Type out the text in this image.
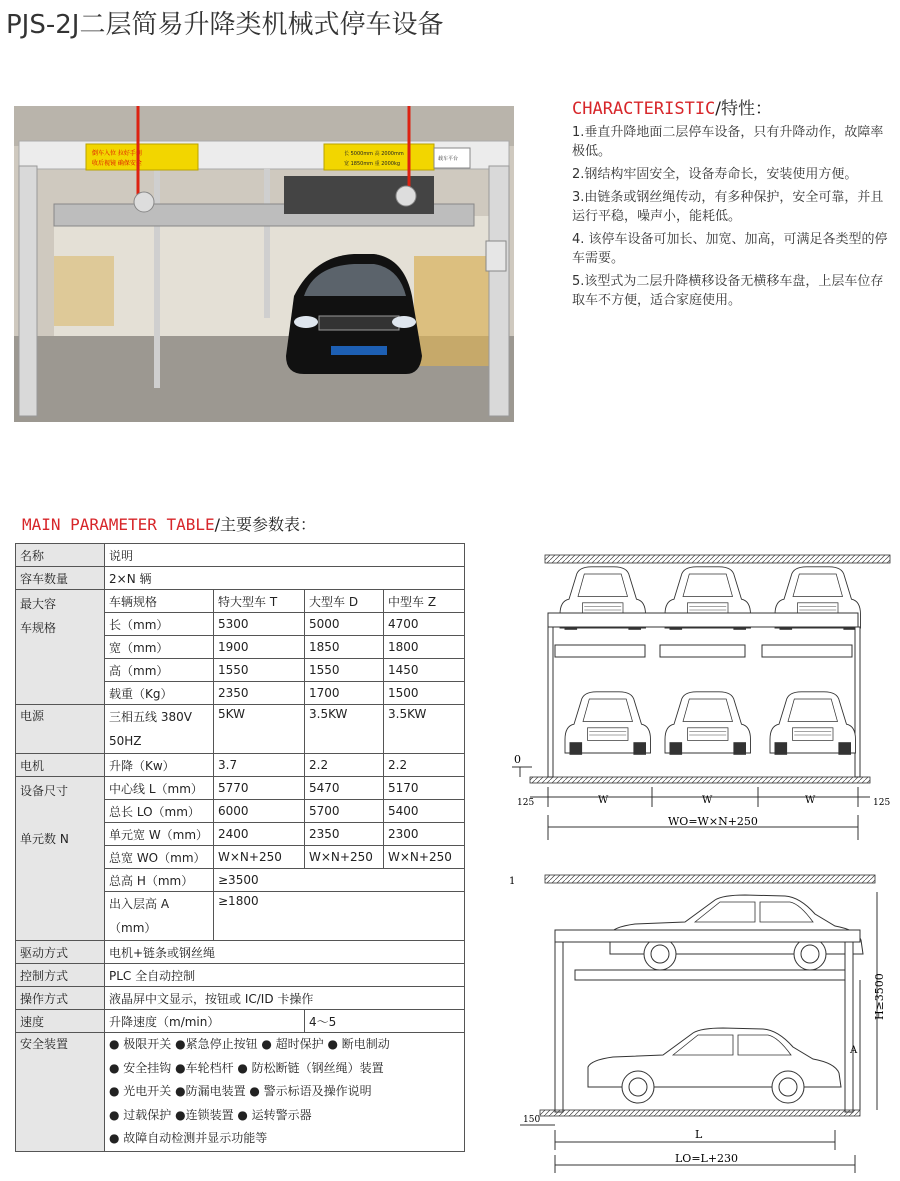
PJS-2J二层简易升降类机械式停车设备
倒车入位 拉好手刹
收后视镜 确保安全
长 5000mm 高 2000mm
宽 1850mm 重 2000kg
载车平台
CHARACTERISTIC/特性：
1.垂直升降地面二层停车设备，只有升降动作，故障率极低。
2.钢结构牢固安全，设备寿命长，安装使用方便。
3.由链条或钢丝绳传动，有多种保护，安全可靠，并且运行平稳，噪声小，能耗低。
4. 该停车设备可加长、加宽、加高，可满足各类型的停车需要。
5.该型式为二层升降横移设备无横移车盘，上层车位存取车不方便，适合家庭使用。
MAIN PARAMETER TABLE/主要参数表：
名称	说明			
容车数量	2×N 辆			

最大容
车规格	车辆规格	特大型车 T	大型车 D	中型车 Z
	长（mm）	5300	5000	4700
	宽（mm）	1900	1850	1800
	高（mm）	1550	1550	1450
	载重（Kg）	2350	1700	1500
电源	三相五线 380V
50HZ	5KW	3.5KW	3.5KW
电机	升降（Kw）	3.7	2.2	2.2

设备尺寸

单元数 N	中心线 L（mm）	5770	5470	5170
	总长 LO（mm）	6000	5700	5400
	单元宽 W（mm）	2400	2350	2300
	总宽 WO（mm）	W×N+250	W×N+250	W×N+250
	总高 H（mm）	≥3500		

	出入层高 A
（mm）	≥1800		
驱动方式	电机+链条或钢丝绳			
控制方式	PLC 全自动控制			
操作方式	液晶屏中文显示，按钮或 IC/ID 卡操作			
速度	升降速度（m/min）		4～5	
安全装置	● 极限开关 ●紧急停止按钮 ● 超时保护 ● 断电制动
● 安全挂钩 ●车轮档杆 ● 防松断链（钢丝绳）装置
● 光电开关 ●防漏电装置 ● 警示标语及操作说明
● 过载保护 ●连锁装置 ● 运转警示器
● 故障自动检测并显示功能等			
0
125	125
W	W	W
WO=W×N+250
1
A
H≥3500
150
L
LO=L+230
